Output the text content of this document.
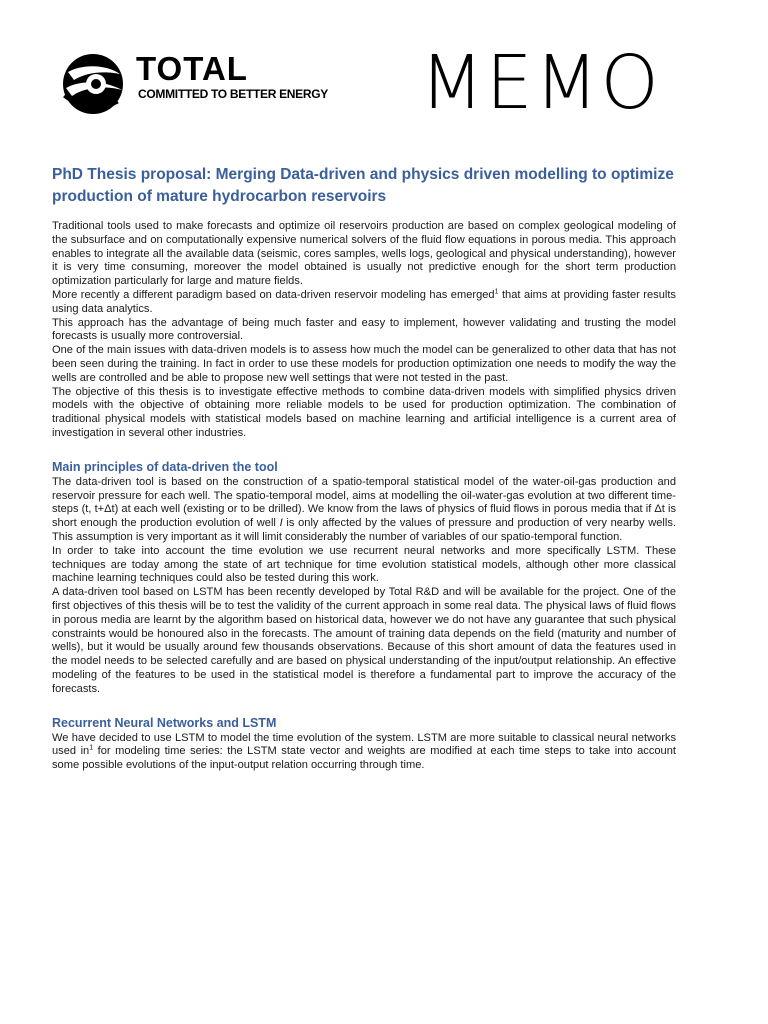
TOTAL
COMMITTED TO BETTER ENERGY MEMO
PhD Thesis proposal: Merging Data-driven and physics driven modelling to optimize production of mature hydrocarbon reservoirs

Traditional tools used to make forecasts and optimize oil reservoirs production are based on complex geological modeling of the subsurface and on computationally expensive numerical solvers of the fluid flow equations in porous media. This approach enables to integrate all the available data (seismic, cores samples, wells logs, geological and physical understanding), however it is very time consuming, moreover the model obtained is usually not predictive enough for the short term production optimization particularly for large and mature fields.

More recently a different paradigm based on data-driven reservoir modeling has emerged$^1$ that aims at providing faster results using data analytics.

This approach has the advantage of being much faster and easy to implement, however validating and trusting the model forecasts is usually more controversial.

One of the main issues with data-driven models is to assess how much the model can be generalized to other data that has not been seen during the training. In fact in order to use these models for production optimization one needs to modify the way the wells are controlled and be able to propose new well settings that were not tested in the past.

The objective of this thesis is to investigate effective methods to combine data-driven models with simplified physics driven models with the objective of obtaining more reliable models to be used for production optimization. The combination of traditional physical models with statistical models based on machine learning and artificial intelligence is a current area of investigation in several other industries.

Main principles of data-driven the tool

The data-driven tool is based on the construction of a spatio-temporal statistical model of the water-oil-gas production and reservoir pressure for each well. The spatio-temporal model, aims at modelling the oil-water-gas evolution at two different time-steps (t, t+Δt) at each well (existing or to be drilled). We know from the laws of physics of fluid flows in porous media that if Δt is short enough the production evolution of well I is only affected by the values of pressure and production of very nearby wells. This assumption is very important as it will limit considerably the number of variables of our spatio-temporal function.

In order to take into account the time evolution we use recurrent neural networks and more specifically LSTM. These techniques are today among the state of art technique for time evolution statistical models, although other more classical machine learning techniques could also be tested during this work.

A data-driven tool based on LSTM has been recently developed by Total R&D and will be available for the project. One of the first objectives of this thesis will be to test the validity of the current approach in some real data. The physical laws of fluid flows in porous media are learnt by the algorithm based on historical data, however we do not have any guarantee that such physical constraints would be honoured also in the forecasts. The amount of training data depends on the field (maturity and number of wells), but it would be usually around few thousands observations. Because of this short amount of data the features used in the model needs to be selected carefully and are based on physical understanding of the input/output relationship. An effective modeling of the features to be used in the statistical model is therefore a fundamental part to improve the accuracy of the forecasts.

Recurrent Neural Networks and LSTM

We have decided to use LSTM to model the time evolution of the system. LSTM are more suitable to classical neural networks used $in^1$ for modeling time series: the LSTM state vector and weights are modified at each time steps to take into account some possible evolutions of the input-output relation occurring through time.
